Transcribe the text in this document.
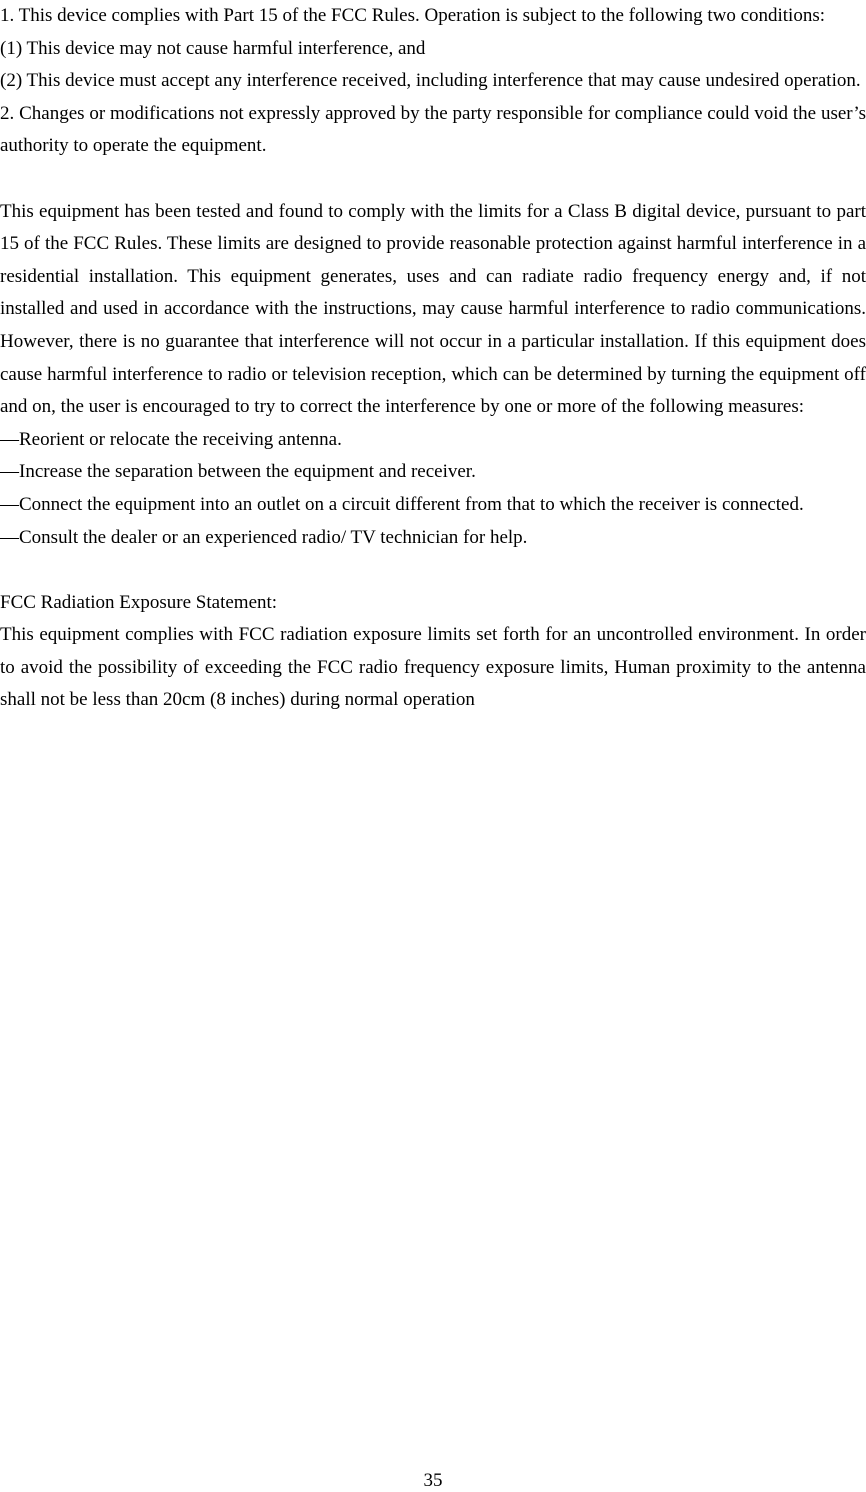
1. This device complies with Part 15 of the FCC Rules. Operation is subject to the following two conditions:

(1) This device may not cause harmful interference, and

(2) This device must accept any interference received, including interference that may cause undesired operation.

2. Changes or modifications not expressly approved by the party responsible for compliance could void the user’s authority to operate the equipment.

This equipment has been tested and found to comply with the limits for a Class B digital device, pursuant to part 15 of the FCC Rules. These limits are designed to provide reasonable protection against harmful interference in a residential installation. This equipment generates, uses and can radiate radio frequency energy and, if not installed and used in accordance with the instructions, may cause harmful interference to radio communications. However, there is no guarantee that interference will not occur in a particular installation. If this equipment does cause harmful interference to radio or television reception, which can be determined by turning the equipment off and on, the user is encouraged to try to correct the interference by one or more of the following measures:

—Reorient or relocate the receiving antenna.

—Increase the separation between the equipment and receiver.

—Connect the equipment into an outlet on a circuit different from that to which the receiver is connected.

—Consult the dealer or an experienced radio/ TV technician for help.

FCC Radiation Exposure Statement:

This equipment complies with FCC radiation exposure limits set forth for an uncontrolled environment. In order to avoid the possibility of exceeding the FCC radio frequency exposure limits, Human proximity to the antenna shall not be less than 20cm (8 inches) during normal operation

35
